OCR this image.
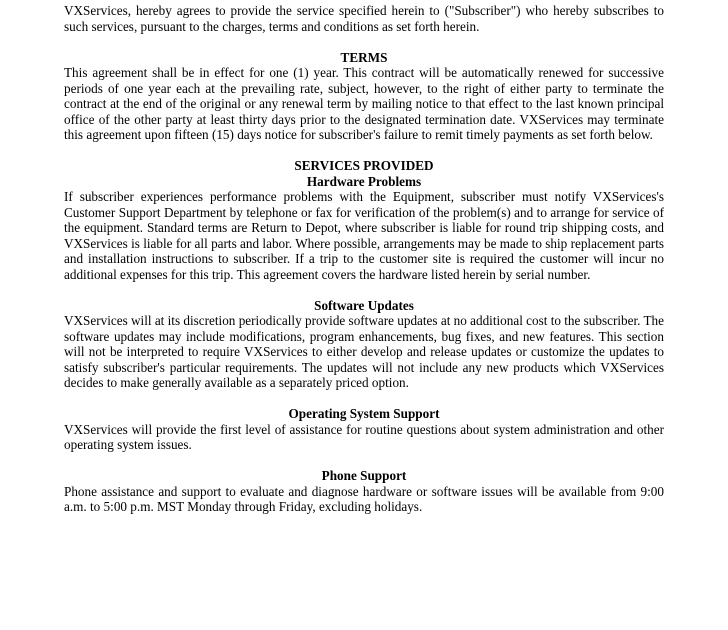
VXServices, hereby agrees to provide the service specified herein to ("Subscriber") who hereby subscribes to such services, pursuant to the charges, terms and conditions as set forth herein.

TERMS

This agreement shall be in effect for one (1) year. This contract will be automatically renewed for successive periods of one year each at the prevailing rate, subject, however, to the right of either party to terminate the contract at the end of the original or any renewal term by mailing notice to that effect to the last known principal office of the other party at least thirty days prior to the designated termination date. VXServices may terminate this agreement upon fifteen (15) days notice for subscriber's failure to remit timely payments as set forth below.

SERVICES PROVIDED
Hardware Problems

If subscriber experiences performance problems with the Equipment, subscriber must notify VXServices's Customer Support Department by telephone or fax for verification of the problem(s) and to arrange for service of the equipment. Standard terms are Return to Depot, where subscriber is liable for round trip shipping costs, and VXServices is liable for all parts and labor. Where possible, arrangements may be made to ship replacement parts and installation instructions to subscriber. If a trip to the customer site is required the customer will incur no additional expenses for this trip. This agreement covers the hardware listed herein by serial number.

Software Updates

VXServices will at its discretion periodically provide software updates at no additional cost to the subscriber. The software updates may include modifications, program enhancements, bug fixes, and new features. This section will not be interpreted to require VXServices to either develop and release updates or customize the updates to satisfy subscriber's particular requirements. The updates will not include any new products which VXServices decides to make generally available as a separately priced option.

Operating System Support

VXServices will provide the first level of assistance for routine questions about system administration and other operating system issues.

Phone Support

Phone assistance and support to evaluate and diagnose hardware or software issues will be available from 9:00 a.m. to 5:00 p.m. MST Monday through Friday, excluding holidays.
